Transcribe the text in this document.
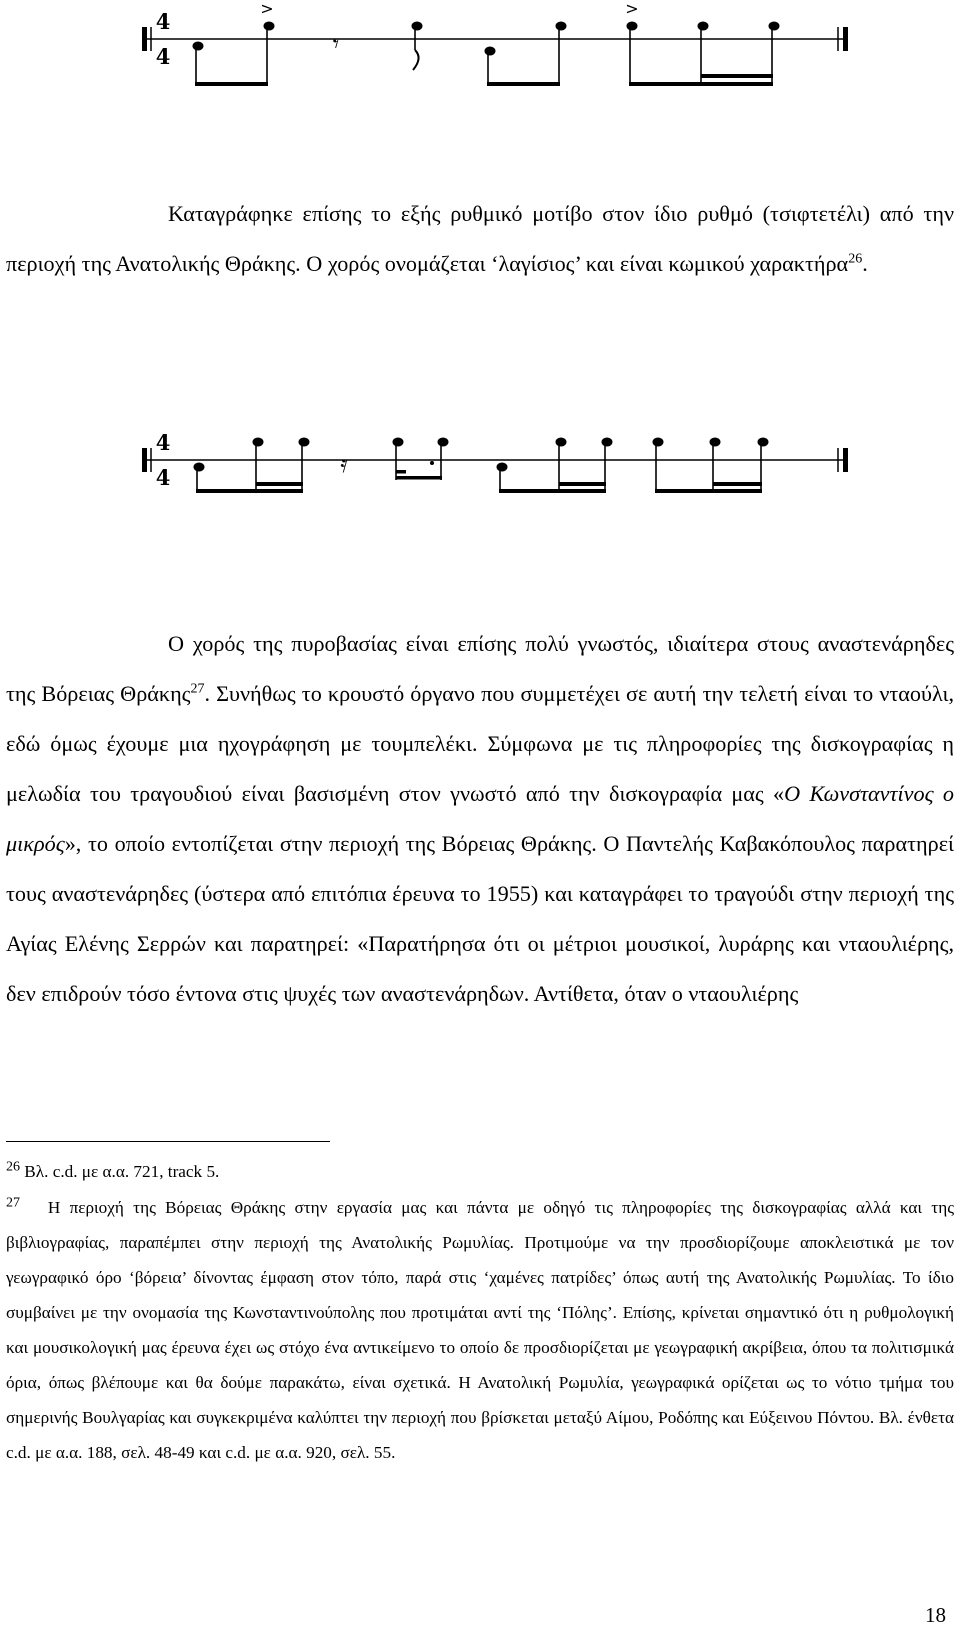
4
4
>	>
𝄾

Καταγράφηκε επίσης το εξής ρυθμικό μοτίβο στον ίδιο ρυθμό (τσιφτετέλι) από την περιοχή της Ανατολικής Θράκης. Ο χορός ονομάζεται ‘λαγίσιος’ και είναι κωμικού χαρακτήρα$^{26}$.

4
4	𝄿

Ο χορός της πυροβασίας είναι επίσης πολύ γνωστός, ιδιαίτερα στους αναστενάρηδες της Βόρειας Θράκης$^{27}$. Συνήθως το κρουστό όργανο που συμμετέχει σε αυτή την τελετή είναι το νταούλι, εδώ όμως έχουμε μια ηχογράφηση με τουμπελέκι. Σύμφωνα με τις πληροφορίες της δισκογραφίας η μελωδία του τραγουδιού είναι βασισμένη στον γνωστό από την δισκογραφία μας «Ο Κωνσταντίνος ο μικρός», το οποίο εντοπίζεται στην περιοχή της Βόρειας Θράκης. Ο Παντελής Καβακόπουλος παρατηρεί τους αναστενάρηδες (ύστερα από επιτόπια έρευνα το 1955) και καταγράφει το τραγούδι στην περιοχή της Αγίας Ελένης Σερρών και παρατηρεί: «Παρατήρησα ότι οι μέτριοι μουσικοί, λυράρης και νταουλιέρης, δεν επιδρούν τόσο έντονα στις ψυχές των αναστενάρηδων. Αντίθετα, όταν ο νταουλιέρης

$^{26}$ Βλ. c.d. με α.α. 721, track 5.

$^{27}$ Η περιοχή της Βόρειας Θράκης στην εργασία μας και πάντα με οδηγό τις πληροφορίες της δισκογραφίας αλλά και της βιβλιογραφίας, παραπέμπει στην περιοχή της Ανατολικής Ρωμυλίας. Προτιμούμε να την προσδιορίζουμε αποκλειστικά με τον γεωγραφικό όρο ‘βόρεια’ δίνοντας έμφαση στον τόπο, παρά στις ‘χαμένες πατρίδες’ όπως αυτή της Ανατολικής Ρωμυλίας. Το ίδιο συμβαίνει με την ονομασία της Κωνσταντινούπολης που προτιμάται αντί της ‘Πόλης’. Επίσης, κρίνεται σημαντικό ότι η ρυθμολογική και μουσικολογική μας έρευνα έχει ως στόχο ένα αντικείμενο το οποίο δε προσδιορίζεται με γεωγραφική ακρίβεια, όπου τα πολιτισμικά όρια, όπως βλέπουμε και θα δούμε παρακάτω, είναι σχετικά. Η Ανατολική Ρωμυλία, γεωγραφικά ορίζεται ως το νότιο τμήμα του σημερινής Βουλγαρίας και συγκεκριμένα καλύπτει την περιοχή που βρίσκεται μεταξύ Αίμου, Ροδόπης και Εύξεινου Πόντου. Βλ. ένθετα c.d. με α.α. 188, σελ. 48-49 και c.d. με α.α. 920, σελ. 55.

18
